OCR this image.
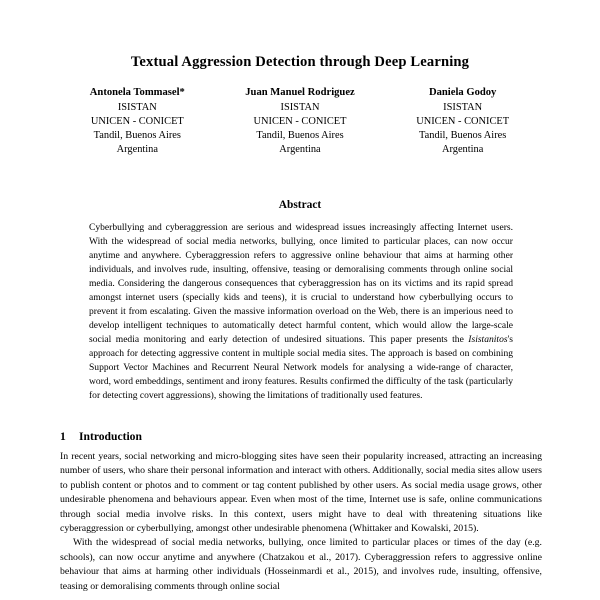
Textual Aggression Detection through Deep Learning
Antonela Tommasel*
ISISTAN
UNICEN - CONICET
Tandil, Buenos Aires
Argentina
Juan Manuel Rodriguez
ISISTAN
UNICEN - CONICET
Tandil, Buenos Aires
Argentina
Daniela Godoy
ISISTAN
UNICEN - CONICET
Tandil, Buenos Aires
Argentina
Abstract
Cyberbullying and cyberaggression are serious and widespread issues increasingly affecting Internet users. With the widespread of social media networks, bullying, once limited to particular places, can now occur anytime and anywhere. Cyberaggression refers to aggressive online behaviour that aims at harming other individuals, and involves rude, insulting, offensive, teasing or demoralising comments through online social media. Considering the dangerous consequences that cyberaggression has on its victims and its rapid spread amongst internet users (specially kids and teens), it is crucial to understand how cyberbullying occurs to prevent it from escalating. Given the massive information overload on the Web, there is an imperious need to develop intelligent techniques to automatically detect harmful content, which would allow the large-scale social media monitoring and early detection of undesired situations. This paper presents the Isistanitos's approach for detecting aggressive content in multiple social media sites. The approach is based on combining Support Vector Machines and Recurrent Neural Network models for analysing a wide-range of character, word, word embeddings, sentiment and irony features. Results confirmed the difficulty of the task (particularly for detecting covert aggressions), showing the limitations of traditionally used features.
1 Introduction

In recent years, social networking and micro-blogging sites have seen their popularity increased, attracting an increasing number of users, who share their personal information and interact with others. Additionally, social media sites allow users to publish content or photos and to comment or tag content published by other users. As social media usage grows, other undesirable phenomena and behaviours appear. Even when most of the time, Internet use is safe, online communications through social media involve risks. In this context, users might have to deal with threatening situations like cyberaggression or cyberbullying, amongst other undesirable phenomena (Whittaker and Kowalski, 2015).

With the widespread of social media networks, bullying, once limited to particular places or times of the day (e.g. schools), can now occur anytime and anywhere (Chatzakou et al., 2017). Cyberaggression refers to aggressive online behaviour that aims at harming other individuals (Hosseinmardi et al., 2015), and involves rude, insulting, offensive, teasing or demoralising comments through online social
